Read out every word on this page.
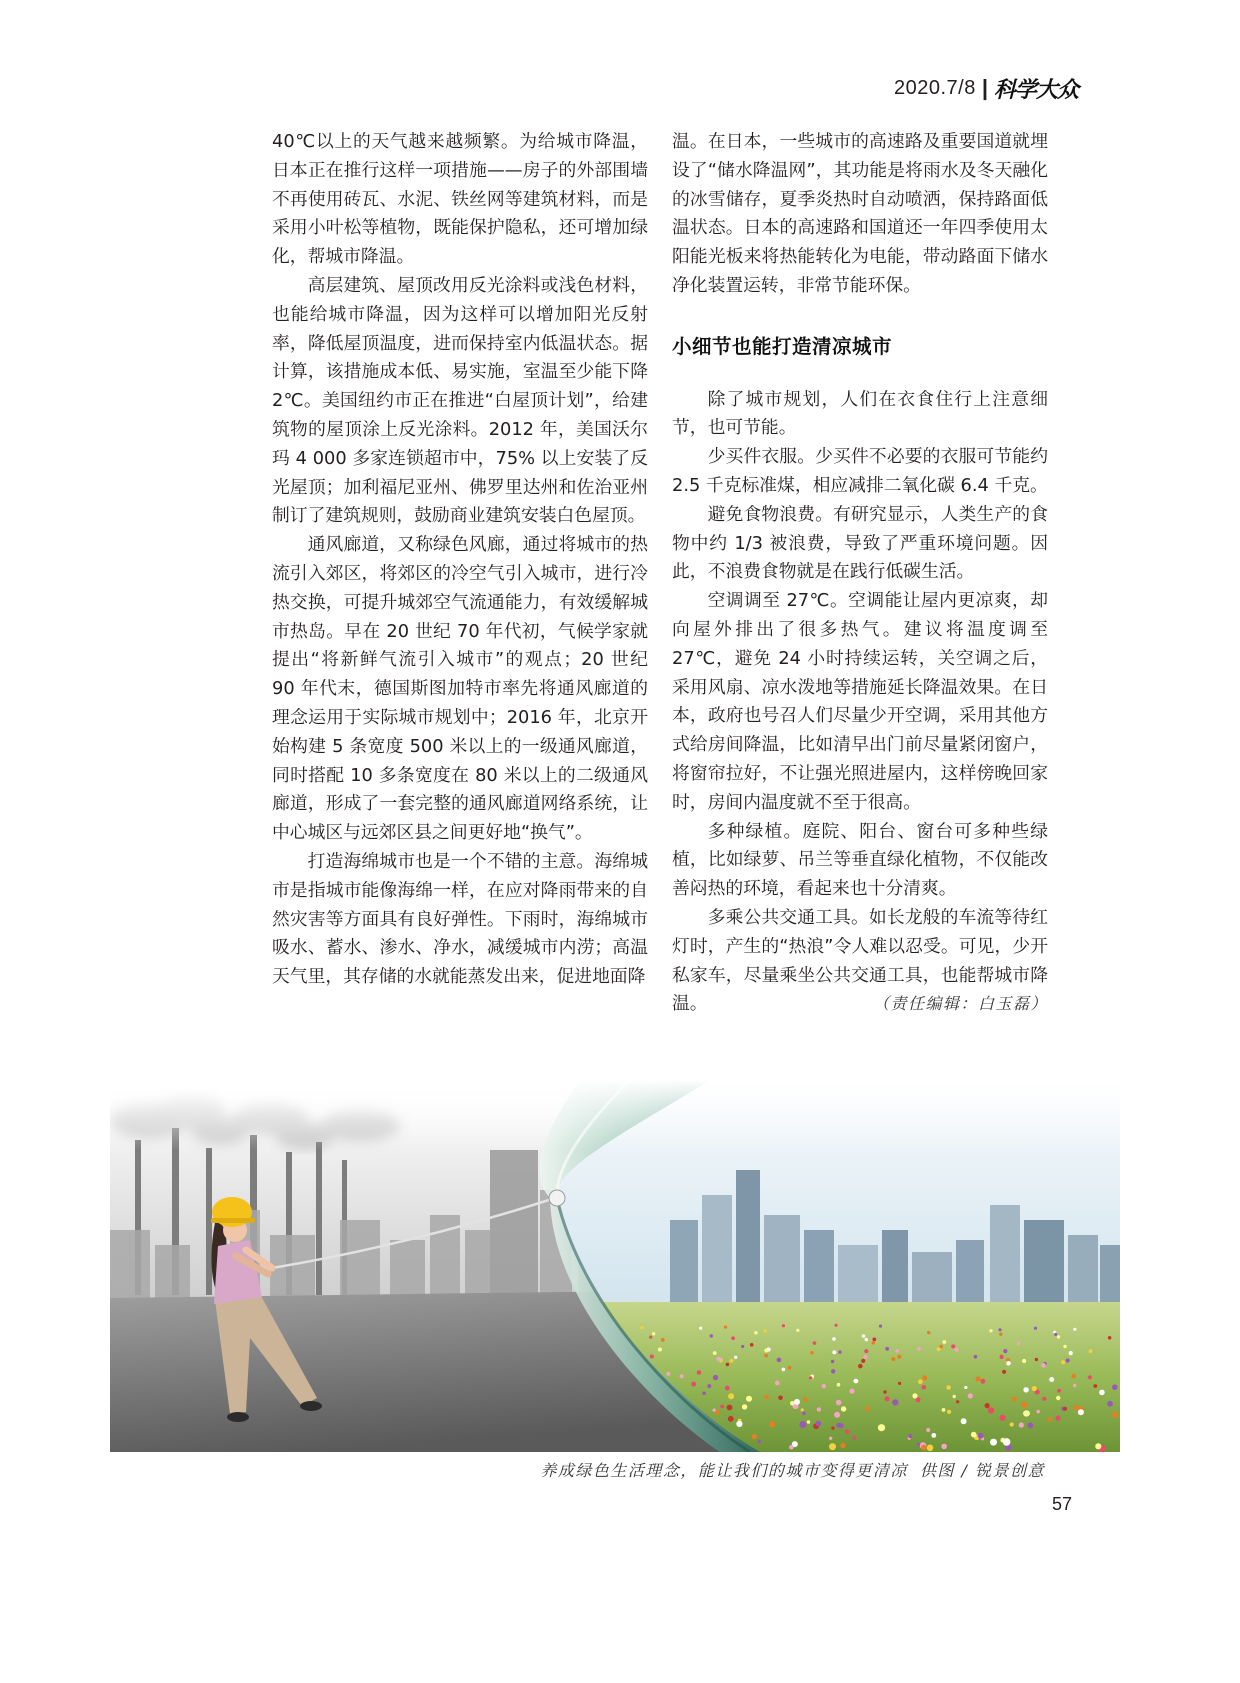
2020.7/8 | 科学大众

40℃以上的天气越来越频繁。为给城市降温，日本正在推行这样一项措施——房子的外部围墙不再使用砖瓦、水泥、铁丝网等建筑材料，而是采用小叶松等植物，既能保护隐私，还可增加绿化，帮城市降温。

高层建筑、屋顶改用反光涂料或浅色材料，也能给城市降温，因为这样可以增加阳光反射率，降低屋顶温度，进而保持室内低温状态。据计算，该措施成本低、易实施，室温至少能下降 2℃。美国纽约市正在推进“白屋顶计划”，给建筑物的屋顶涂上反光涂料。2012 年，美国沃尔玛 4 000 多家连锁超市中，75% 以上安装了反光屋顶；加利福尼亚州、佛罗里达州和佐治亚州制订了建筑规则，鼓励商业建筑安装白色屋顶。

通风廊道，又称绿色风廊，通过将城市的热流引入郊区，将郊区的冷空气引入城市，进行冷热交换，可提升城郊空气流通能力，有效缓解城市热岛。早在 20 世纪 70 年代初，气候学家就提出“将新鲜气流引入城市”的观点；20 世纪 90 年代末，德国斯图加特市率先将通风廊道的理念运用于实际城市规划中；2016 年，北京开始构建 5 条宽度 500 米以上的一级通风廊道，同时搭配 10 多条宽度在 80 米以上的二级通风廊道，形成了一套完整的通风廊道网络系统，让中心城区与远郊区县之间更好地“换气”。

打造海绵城市也是一个不错的主意。海绵城市是指城市能像海绵一样，在应对降雨带来的自然灾害等方面具有良好弹性。下雨时，海绵城市吸水、蓄水、渗水、净水，减缓城市内涝；高温天气里，其存储的水就能蒸发出来，促进地面降

温。在日本，一些城市的高速路及重要国道就埋设了“储水降温网”，其功能是将雨水及冬天融化的冰雪储存，夏季炎热时自动喷洒，保持路面低温状态。日本的高速路和国道还一年四季使用太阳能光板来将热能转化为电能，带动路面下储水净化装置运转，非常节能环保。

小细节也能打造清凉城市

除了城市规划，人们在衣食住行上注意细节，也可节能。

少买件衣服。少买件不必要的衣服可节能约 2.5 千克标准煤，相应减排二氧化碳 6.4 千克。

避免食物浪费。有研究显示，人类生产的食物中约 1/3 被浪费，导致了严重环境问题。因此，不浪费食物就是在践行低碳生活。

空调调至 27℃。空调能让屋内更凉爽，却向屋外排出了很多热气。建议将温度调至 27℃，避免 24 小时持续运转，关空调之后，采用风扇、凉水泼地等措施延长降温效果。在日本，政府也号召人们尽量少开空调，采用其他方式给房间降温，比如清早出门前尽量紧闭窗户，将窗帘拉好，不让强光照进屋内，这样傍晚回家时，房间内温度就不至于很高。

多种绿植。庭院、阳台、窗台可多种些绿植，比如绿萝、吊兰等垂直绿化植物，不仅能改善闷热的环境，看起来也十分清爽。

多乘公共交通工具。如长龙般的车流等待红灯时，产生的“热浪”令人难以忍受。可见，少开私家车，尽量乘坐公共交通工具，也能帮城市降温。	（责任编辑：白玉磊）

养成绿色生活理念，能让我们的城市变得更清凉 供图 / 锐景创意
57
